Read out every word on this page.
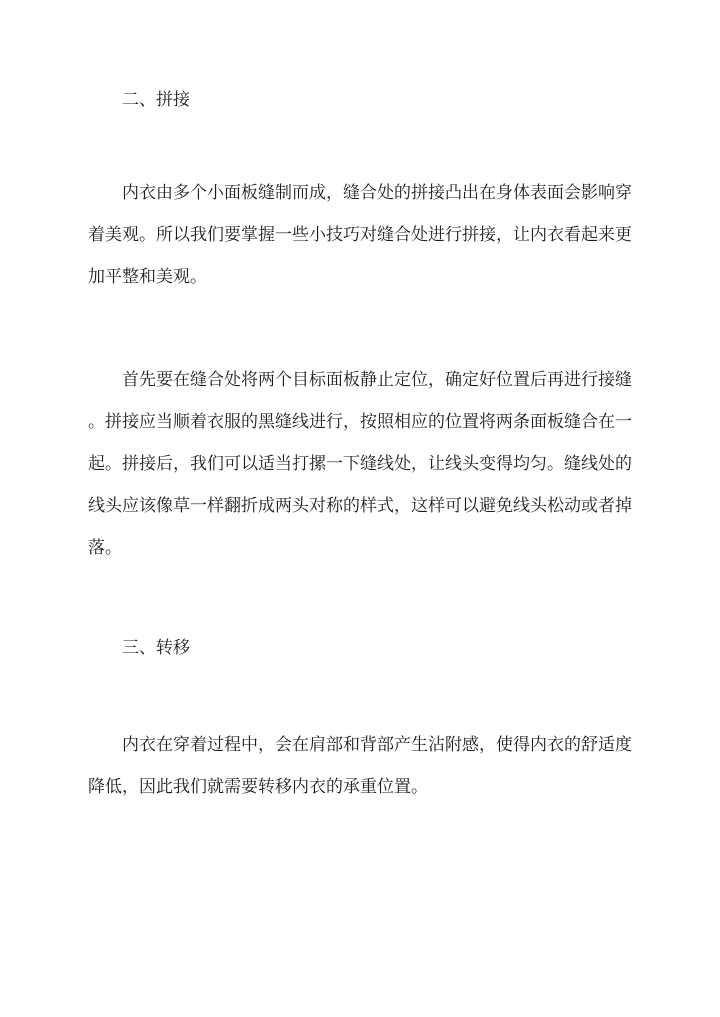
二、拼接
内衣由多个小面板缝制而成，缝合处的拼接凸出在身体表面会影响穿
着美观。所以我们要掌握一些小技巧对缝合处进行拼接，让内衣看起来更
加平整和美观。
首先要在缝合处将两个目标面板静止定位，确定好位置后再进行接缝
。拼接应当顺着衣服的黑缝线进行，按照相应的位置将两条面板缝合在一
起。拼接后，我们可以适当打摞一下缝线处，让线头变得均匀。缝线处的
线头应该像草一样翻折成两头对称的样式，这样可以避免线头松动或者掉
落。
三、转移
内衣在穿着过程中，会在肩部和背部产生沾附感，使得内衣的舒适度
降低，因此我们就需要转移内衣的承重位置。
